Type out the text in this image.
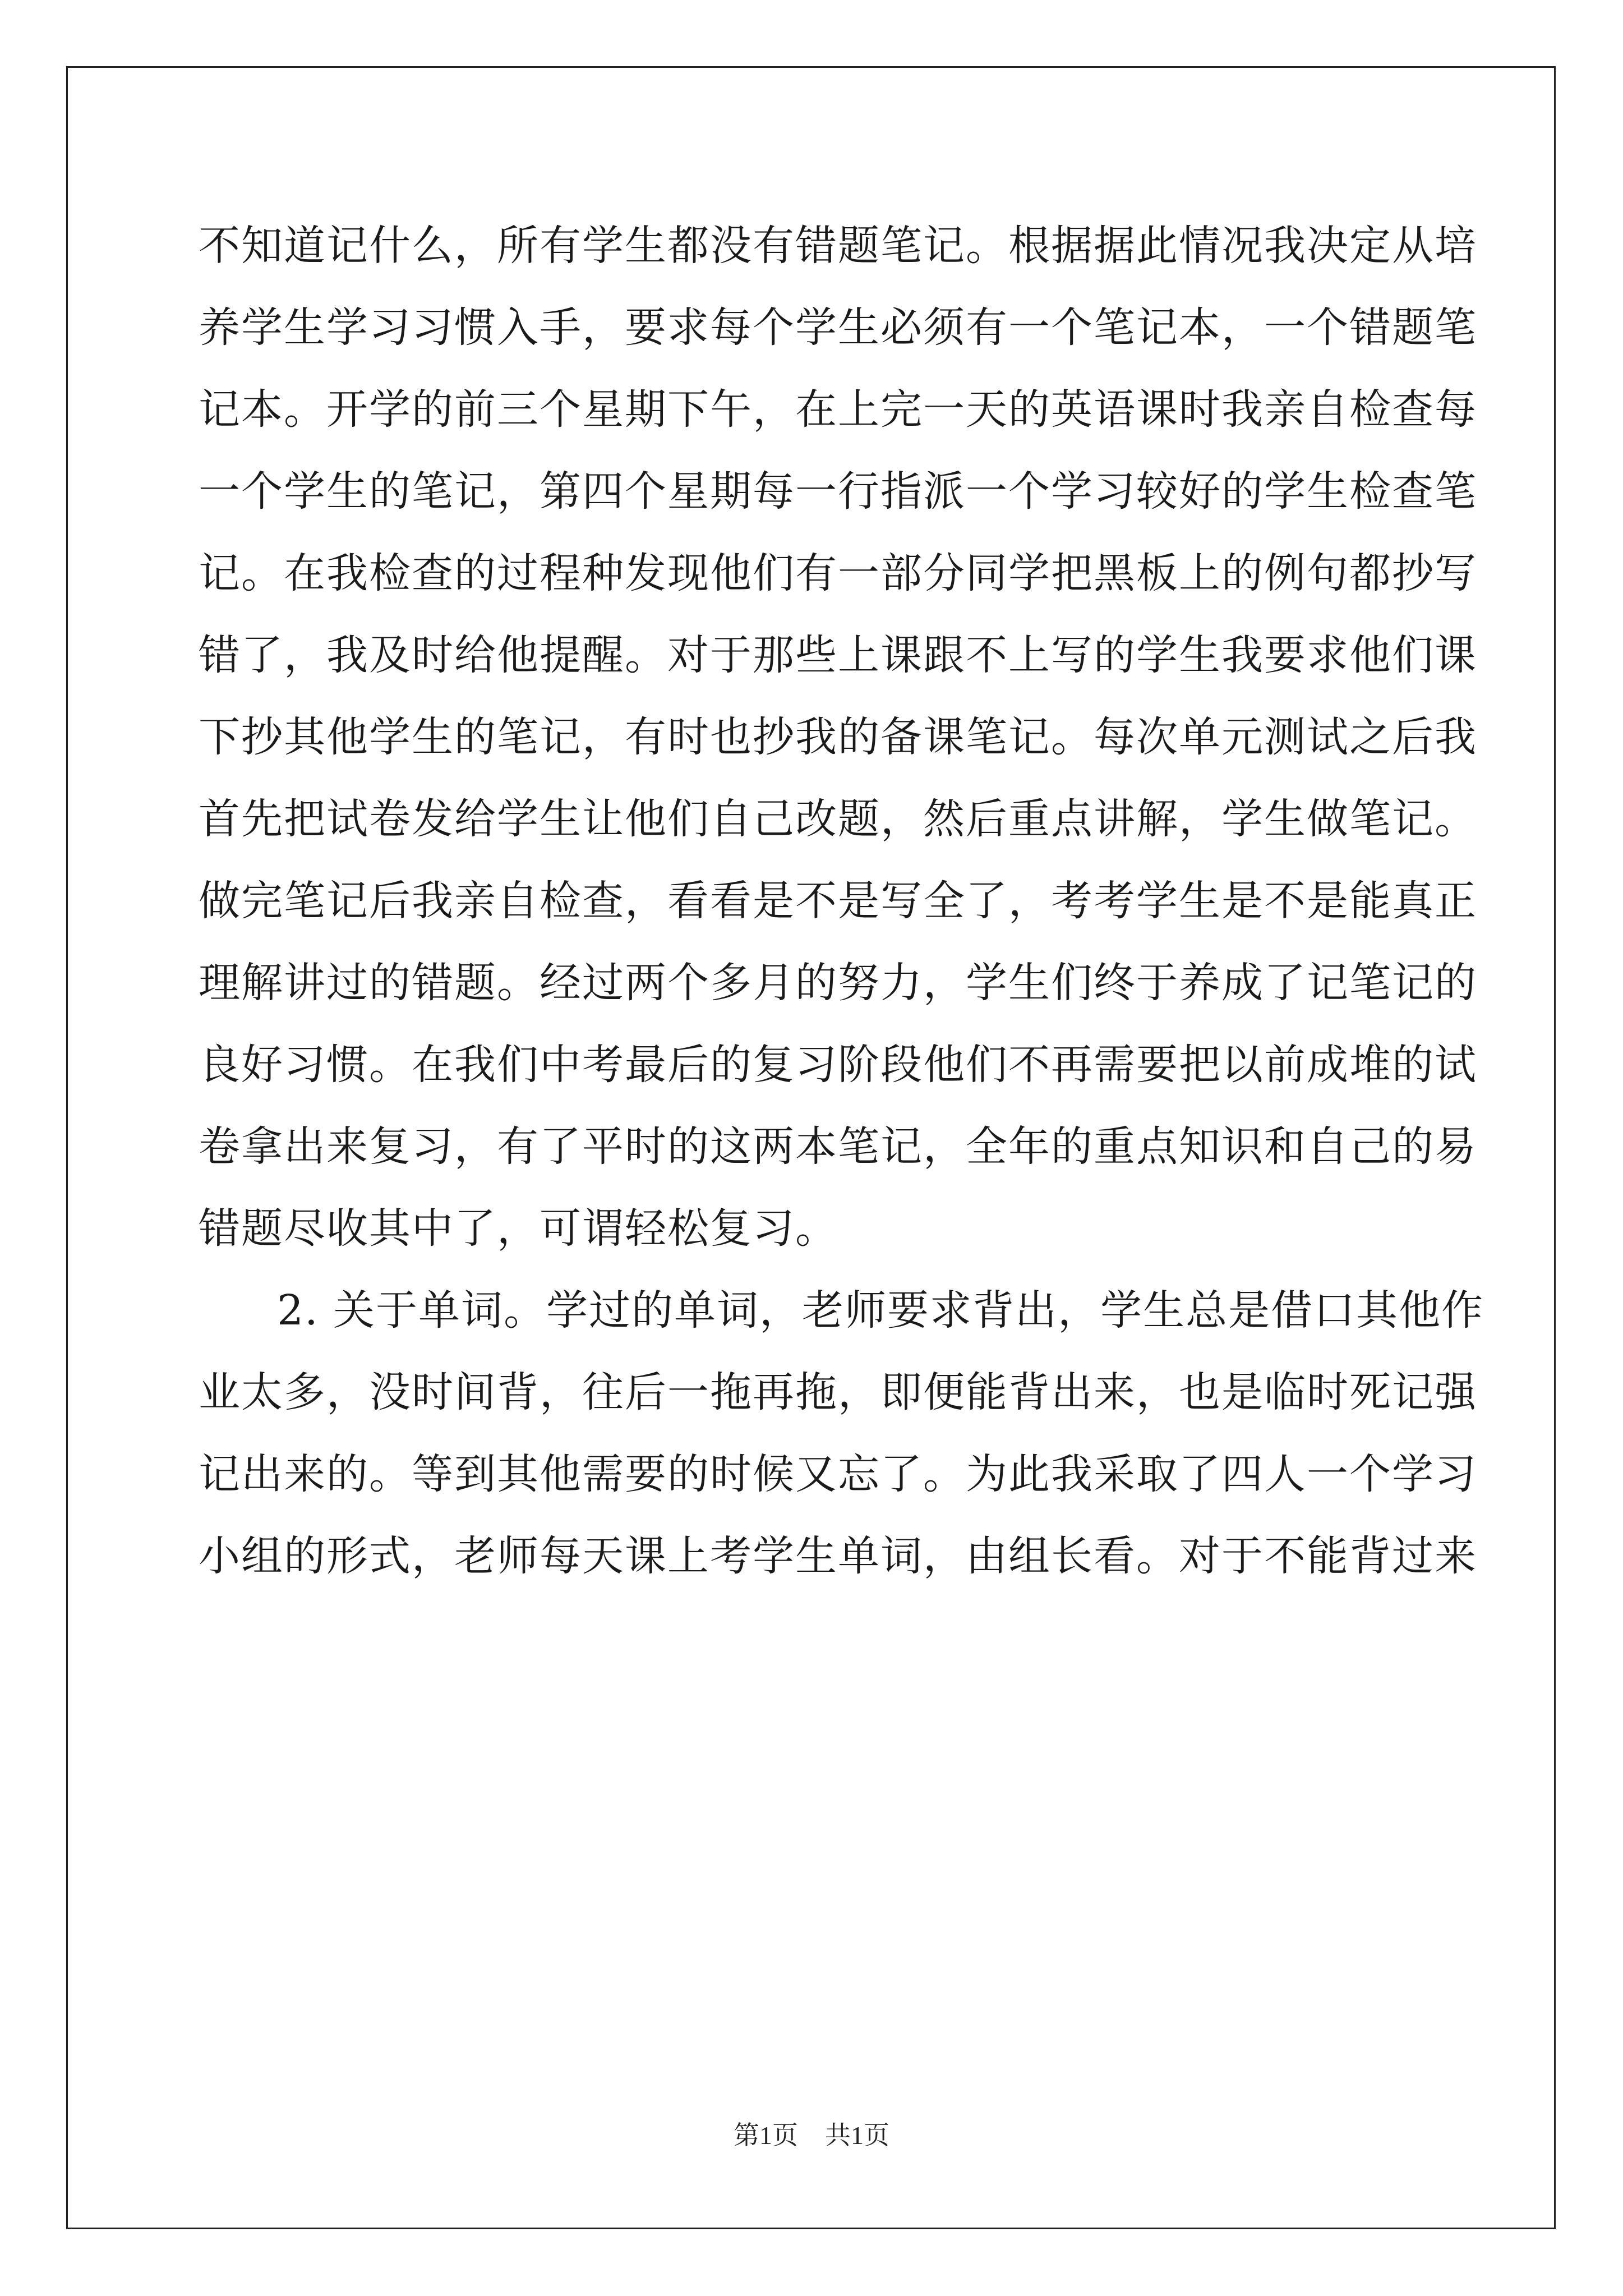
不知道记什么，所有学生都没有错题笔记。根据据此情况我决定从培
养学生学习习惯入手，要求每个学生必须有一个笔记本，一个错题笔
记本。开学的前三个星期下午，在上完一天的英语课时我亲自检查每
一个学生的笔记，第四个星期每一行指派一个学习较好的学生检查笔
记。在我检查的过程种发现他们有一部分同学把黑板上的例句都抄写
错了，我及时给他提醒。对于那些上课跟不上写的学生我要求他们课
下抄其他学生的笔记，有时也抄我的备课笔记。每次单元测试之后我
首先把试卷发给学生让他们自己改题，然后重点讲解，学生做笔记。
做完笔记后我亲自检查，看看是不是写全了，考考学生是不是能真正
理解讲过的错题。经过两个多月的努力，学生们终于养成了记笔记的
良好习惯。在我们中考最后的复习阶段他们不再需要把以前成堆的试
卷拿出来复习，有了平时的这两本笔记，全年的重点知识和自己的易
错题尽收其中了，可谓轻松复习。
2. 关于单词。学过的单词，老师要求背出，学生总是借口其他作
业太多，没时间背，往后一拖再拖，即便能背出来，也是临时死记强
记出来的。等到其他需要的时候又忘了。为此我采取了四人一个学习
小组的形式，老师每天课上考学生单词，由组长看。对于不能背过来
第1页 共1页
